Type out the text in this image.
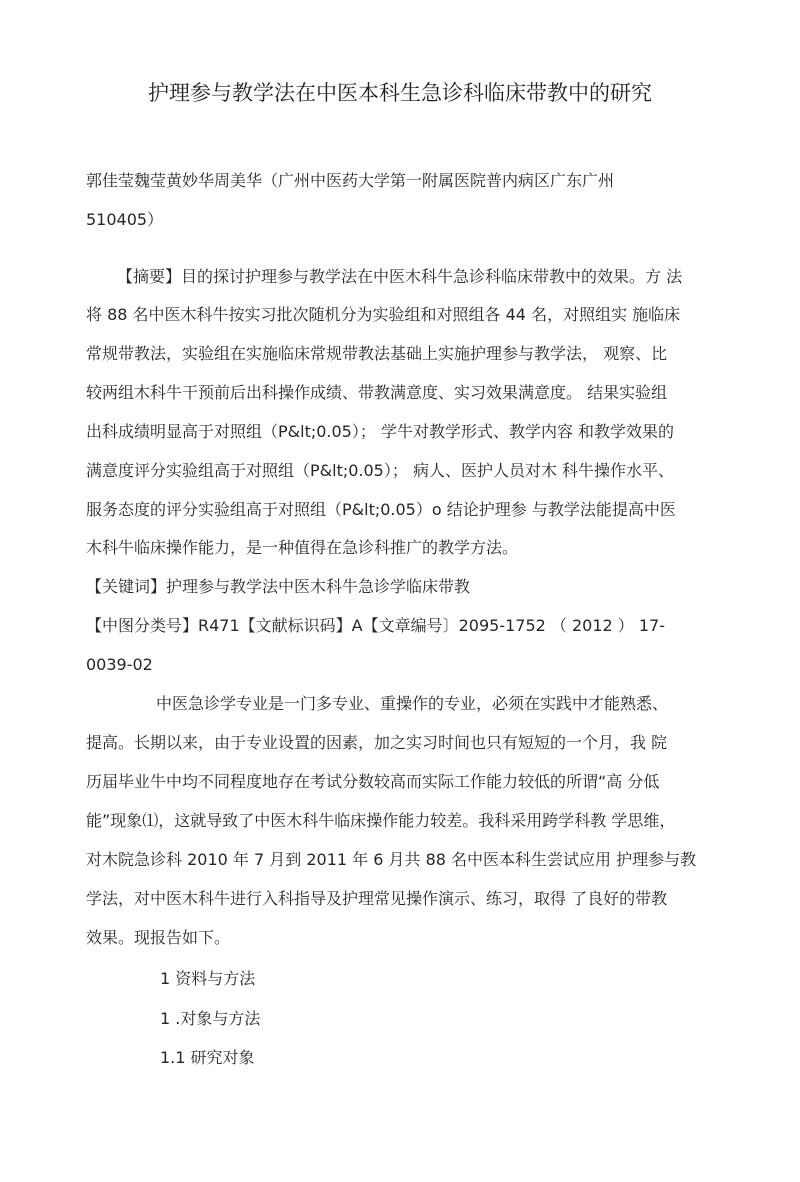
护理参与教学法在中医本科生急诊科临床带教中的研究
郭佳莹魏莹黄妙华周美华（广州中医药大学第一附属医院普内病区广东广州
510405）
【摘要】目的探讨护理参与教学法在中医木科牛急诊科临床带教中的效果。方 法
将 88 名中医木科牛按实习批次随机分为实验组和对照组各 44 名，对照组实 施临床
常规带教法，实验组在实施临床常规带教法基础上实施护理参与教学法， 观察、比
较两组木科牛干预前后出科操作成绩、带教满意度、实习效果满意度。 结果实验组
出科成绩明显高于对照组（P&lt;0.05）； 学牛对教学形式、教学内容 和教学效果的
满意度评分实验组高于对照组（P&lt;0.05）； 病人、医护人员对木 科牛操作水平、
服务态度的评分实验组高于对照组（P&lt;0.05）o 结论护理参 与教学法能提高中医
木科牛临床操作能力，是一种值得在急诊科推广的教学方法。
【关键词】护理参与教学法中医木科牛急诊学临床带教
【中图分类号】R471【文献标识码】A【文章编号〕2095-1752 （ 2012 ） 17-
0039-02
中医急诊学专业是一门多专业、重操作的专业，必须在实践中才能熟悉、
提高。长期以来，由于专业设置的因素，加之实习时间也只有短短的一个月，我 院
历届毕业牛中均不同程度地存在考试分数较高而实际工作能力较低的所谓“高 分低
能”现象⑴，这就导致了中医木科牛临床操作能力较差。我科采用跨学科教 学思维，
对木院急诊科 2010 年 7 月到 2011 年 6 月共 88 名中医本科生尝试应用 护理参与教
学法，对中医木科牛进行入科指导及护理常见操作演示、练习，取得 了良好的带教
效果。现报告如下。
1 资料与方法
1 .对象与方法
1.1 研究对象
